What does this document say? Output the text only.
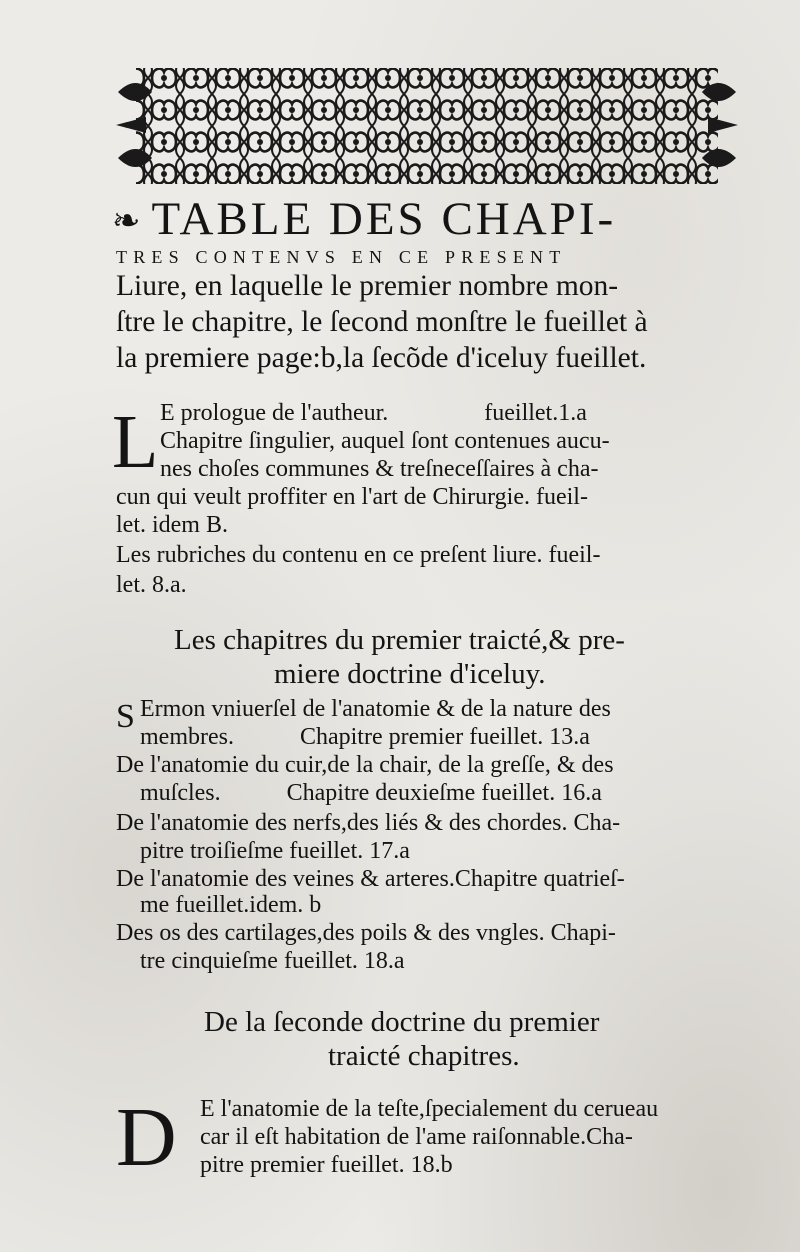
❧ TABLE DES CHAPI-
TRES CONTENVS EN CE PRESENT
Liure, en laquelle le premier nombre mon-
ſtre le chapitre, le ſecond monſtre le fueillet à
la premiere page:b,la ſecõde d'iceluy fueillet.
L E prologue de l'autheur.                fueillet.1.a
Chapitre ſingulier, auquel ſont contenues aucu-
nes choſes communes & treſneceſſaires à cha-
cun qui veult proffiter en l'art de Chirurgie. fueil-
let. idem B.
Les rubriches du contenu en ce preſent liure. fueil-
let. 8.a.
Les chapitres du premier traicté,& pre-
miere doctrine d'iceluy.
S Ermon vniuerſel de l'anatomie & de la nature des
membres.           Chapitre premier fueillet. 13.a
De l'anatomie du cuir,de la chair, de la greſſe, & des
muſcles.           Chapitre deuxieſme fueillet. 16.a
De l'anatomie des nerfs,des liés & des chordes. Cha-
pitre troiſieſme fueillet. 17.a
De l'anatomie des veines & arteres.Chapitre quatrieſ-
me fueillet.idem. b
Des os des cartilages,des poils & des vngles. Chapi-
tre cinquieſme fueillet. 18.a
De la ſeconde doctrine du premier
traicté chapitres.
D E l'anatomie de la teſte,ſpecialement du cerueau
car il eſt habitation de l'ame raiſonnable.Cha-
pitre premier fueillet. 18.b
